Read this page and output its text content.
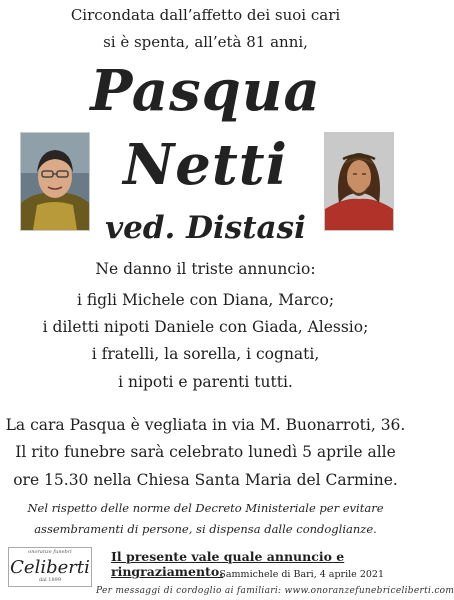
Circondata dall’affetto dei suoi cari
si è spenta, all’età 81 anni,
Pasqua
Netti
ved. Distasi
Ne danno il triste annuncio:
i figli Michele con Diana, Marco;
i diletti nipoti Daniele con Giada, Alessio;
i fratelli, la sorella, i cognati,
i nipoti e parenti tutti.
La cara Pasqua è vegliata in via M. Buonarroti, 36.
Il rito funebre sarà celebrato lunedì 5 aprile alle
ore 15.30 nella Chiesa Santa Maria del Carmine.
Nel rispetto delle norme del Decreto Ministeriale per evitare
assembramenti di persone, si dispensa dalle condoglianze.
onoranze funebri
Celiberti
dal 1899
Il presente vale quale annuncio e ringraziamento.
Sammichele di Bari, 4 aprile 2021
Per messaggi di cordoglio ai familiari: www.onoranzefunebriceliberti.com
